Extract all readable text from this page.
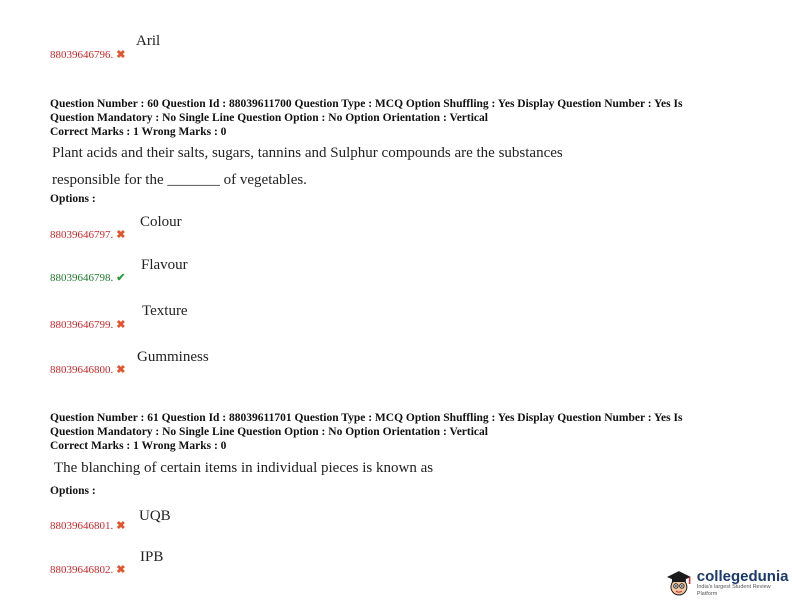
Aril
88039646796. ✖
Question Number : 60 Question Id : 88039611700 Question Type : MCQ Option Shuffling : Yes Display Question Number : Yes Is
Question Mandatory : No Single Line Question Option : No Option Orientation : Vertical
Correct Marks : 1 Wrong Marks : 0
Plant acids and their salts, sugars, tannins and Sulphur compounds are the substances
responsible for the _______ of vegetables.
Options :
Colour
88039646797. ✖
Flavour
88039646798. ✔
Texture
88039646799. ✖
Gumminess
88039646800. ✖
Question Number : 61 Question Id : 88039611701 Question Type : MCQ Option Shuffling : Yes Display Question Number : Yes Is
Question Mandatory : No Single Line Question Option : No Option Orientation : Vertical
Correct Marks : 1 Wrong Marks : 0
The blanching of certain items in individual pieces is known as
Options :
UQB
88039646801. ✖
IPB
88039646802. ✖	collegedunia
India's largest Student Review Platform
